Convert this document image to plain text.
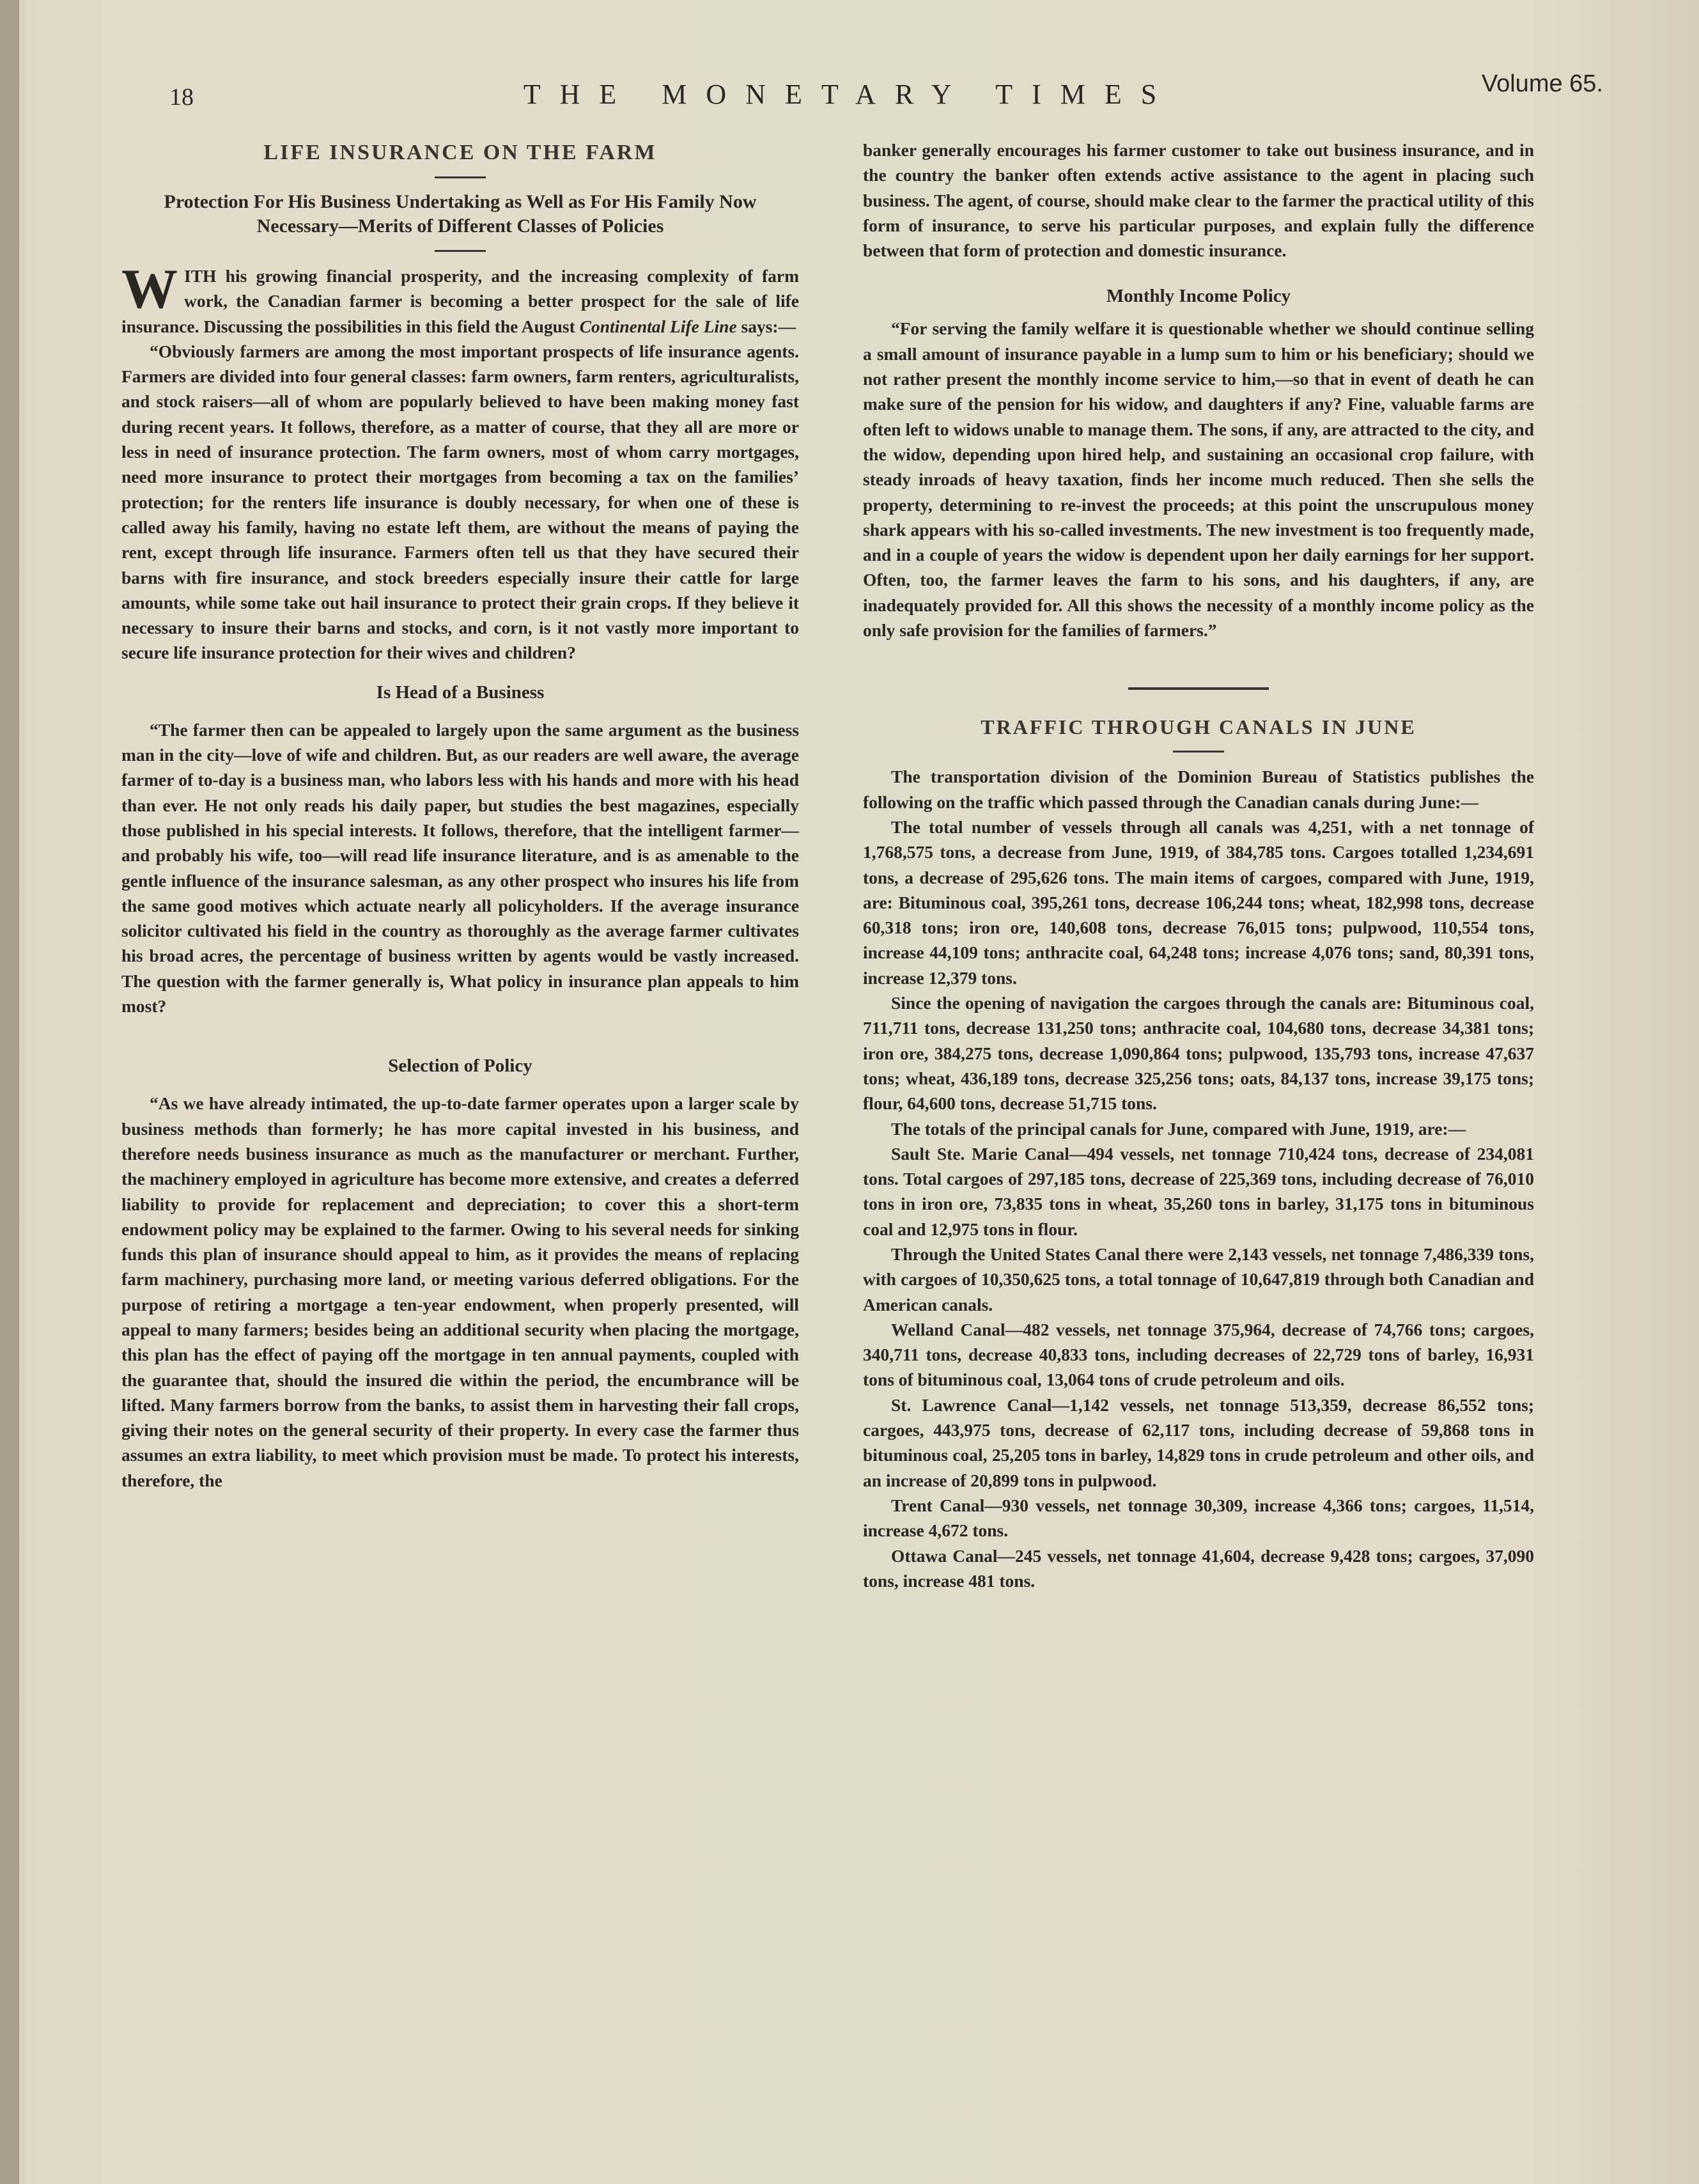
18	THE MONETARY TIMES	Volume 65.
LIFE INSURANCE ON THE FARM
Protection For His Business Undertaking as Well as For His Family Now Necessary—Merits of Different Classes of Policies

WITH his growing financial prosperity, and the increasing complexity of farm work, the Canadian farmer is becoming a better prospect for the sale of life insurance. Discussing the possibilities in this field the August Continental Life Line says:—

“Obviously farmers are among the most important prospects of life insurance agents. Farmers are divided into four general classes: farm owners, farm renters, agriculturalists, and stock raisers—all of whom are popularly believed to have been making money fast during recent years. It follows, therefore, as a matter of course, that they all are more or less in need of insurance protection. The farm owners, most of whom carry mortgages, need more insurance to protect their mortgages from becoming a tax on the families’ protection; for the renters life insurance is doubly necessary, for when one of these is called away his family, having no estate left them, are without the means of paying the rent, except through life insurance. Farmers often tell us that they have secured their barns with fire insurance, and stock breeders especially insure their cattle for large amounts, while some take out hail insurance to protect their grain crops. If they believe it necessary to insure their barns and stocks, and corn, is it not vastly more important to secure life insurance protection for their wives and children?

Is Head of a Business

“The farmer then can be appealed to largely upon the same argument as the business man in the city—love of wife and children. But, as our readers are well aware, the average farmer of to-day is a business man, who labors less with his hands and more with his head than ever. He not only reads his daily paper, but studies the best magazines, especially those published in his special interests. It follows, therefore, that the intelligent farmer—and probably his wife, too—will read life insurance literature, and is as amenable to the gentle influence of the insurance salesman, as any other prospect who insures his life from the same good motives which actuate nearly all policyholders. If the average insurance solicitor cultivated his field in the country as thoroughly as the average farmer cultivates his broad acres, the percentage of business written by agents would be vastly increased. The question with the farmer generally is, What policy in insurance plan appeals to him most?

Selection of Policy

“As we have already intimated, the up-to-date farmer operates upon a larger scale by business methods than formerly; he has more capital invested in his business, and therefore needs business insurance as much as the manufacturer or merchant. Further, the machinery employed in agriculture has become more extensive, and creates a deferred liability to provide for replacement and depreciation; to cover this a short-term endowment policy may be explained to the farmer. Owing to his several needs for sinking funds this plan of insurance should appeal to him, as it provides the means of replacing farm machinery, purchasing more land, or meeting various deferred obligations. For the purpose of retiring a mortgage a ten-year endowment, when properly presented, will appeal to many farmers; besides being an additional security when placing the mortgage, this plan has the effect of paying off the mortgage in ten annual payments, coupled with the guarantee that, should the insured die within the period, the encumbrance will be lifted. Many farmers borrow from the banks, to assist them in harvesting their fall crops, giving their notes on the general security of their property. In every case the farmer thus assumes an extra liability, to meet which provision must be made. To protect his interests, therefore, the

banker generally encourages his farmer customer to take out business insurance, and in the country the banker often extends active assistance to the agent in placing such business. The agent, of course, should make clear to the farmer the practical utility of this form of insurance, to serve his particular purposes, and explain fully the difference between that form of protection and domestic insurance.

Monthly Income Policy

“For serving the family welfare it is questionable whether we should continue selling a small amount of insurance payable in a lump sum to him or his beneficiary; should we not rather present the monthly income service to him,—so that in event of death he can make sure of the pension for his widow, and daughters if any? Fine, valuable farms are often left to widows unable to manage them. The sons, if any, are attracted to the city, and the widow, depending upon hired help, and sustaining an occasional crop failure, with steady inroads of heavy taxation, finds her income much reduced. Then she sells the property, determining to re-invest the proceeds; at this point the unscrupulous money shark appears with his so-called investments. The new investment is too frequently made, and in a couple of years the widow is dependent upon her daily earnings for her support. Often, too, the farmer leaves the farm to his sons, and his daughters, if any, are inadequately provided for. All this shows the necessity of a monthly income policy as the only safe provision for the families of farmers.”

TRAFFIC THROUGH CANALS IN JUNE

The transportation division of the Dominion Bureau of Statistics publishes the following on the traffic which passed through the Canadian canals during June:—

The total number of vessels through all canals was 4,251, with a net tonnage of 1,768,575 tons, a decrease from June, 1919, of 384,785 tons. Cargoes totalled 1,234,691 tons, a decrease of 295,626 tons. The main items of cargoes, compared with June, 1919, are: Bituminous coal, 395,261 tons, decrease 106,244 tons; wheat, 182,998 tons, decrease 60,318 tons; iron ore, 140,608 tons, decrease 76,015 tons; pulpwood, 110,554 tons, increase 44,109 tons; anthracite coal, 64,248 tons; increase 4,076 tons; sand, 80,391 tons, increase 12,379 tons.

Since the opening of navigation the cargoes through the canals are: Bituminous coal, 711,711 tons, decrease 131,250 tons; anthracite coal, 104,680 tons, decrease 34,381 tons; iron ore, 384,275 tons, decrease 1,090,864 tons; pulpwood, 135,793 tons, increase 47,637 tons; wheat, 436,189 tons, decrease 325,256 tons; oats, 84,137 tons, increase 39,175 tons; flour, 64,600 tons, decrease 51,715 tons.

The totals of the principal canals for June, compared with June, 1919, are:—

Sault Ste. Marie Canal—494 vessels, net tonnage 710,424 tons, decrease of 234,081 tons. Total cargoes of 297,185 tons, decrease of 225,369 tons, including decrease of 76,010 tons in iron ore, 73,835 tons in wheat, 35,260 tons in barley, 31,175 tons in bituminous coal and 12,975 tons in flour.

Through the United States Canal there were 2,143 vessels, net tonnage 7,486,339 tons, with cargoes of 10,350,625 tons, a total tonnage of 10,647,819 through both Canadian and American canals.

Welland Canal—482 vessels, net tonnage 375,964, decrease of 74,766 tons; cargoes, 340,711 tons, decrease 40,833 tons, including decreases of 22,729 tons of barley, 16,931 tons of bituminous coal, 13,064 tons of crude petroleum and oils.

St. Lawrence Canal—1,142 vessels, net tonnage 513,359, decrease 86,552 tons; cargoes, 443,975 tons, decrease of 62,117 tons, including decrease of 59,868 tons in bituminous coal, 25,205 tons in barley, 14,829 tons in crude petroleum and other oils, and an increase of 20,899 tons in pulpwood.

Trent Canal—930 vessels, net tonnage 30,309, increase 4,366 tons; cargoes, 11,514, increase 4,672 tons.

Ottawa Canal—245 vessels, net tonnage 41,604, decrease 9,428 tons; cargoes, 37,090 tons, increase 481 tons.
